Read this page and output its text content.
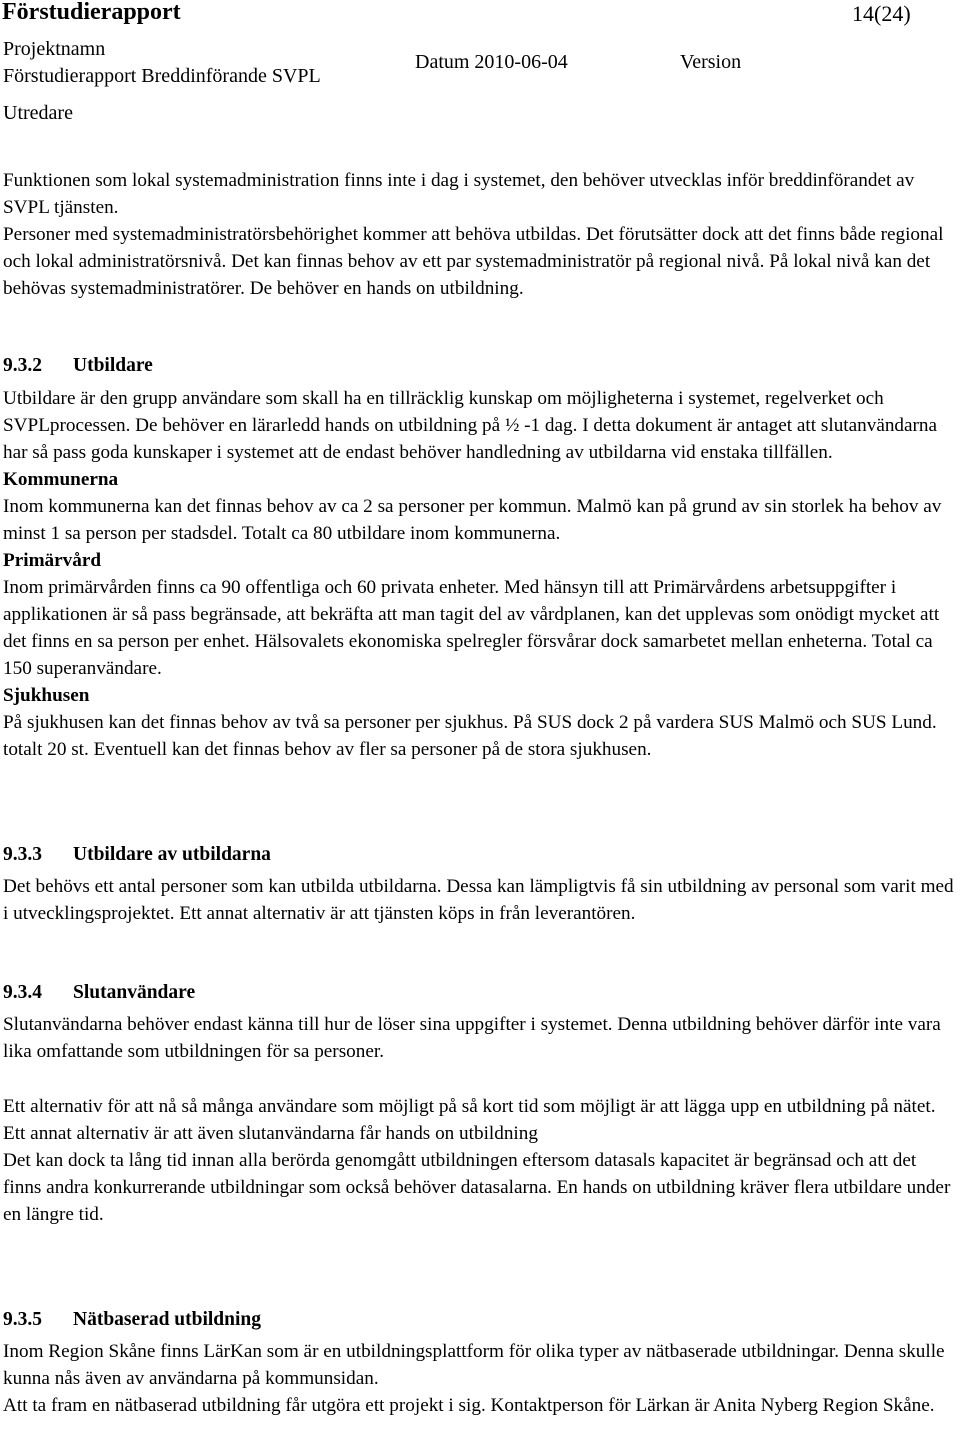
Förstudierapport	14(24)
Projektnamn
Förstudierapport Breddinförande SVPL
Datum 2010-06-04	Version
Utredare

Funktionen som lokal systemadministration finns inte i dag i systemet, den behöver utvecklas inför breddinförandet av SVPL tjänsten.

Personer med systemadministratörsbehörighet kommer att behöva utbildas. Det förutsätter dock att det finns både regional och lokal administratörsnivå. Det kan finnas behov av ett par systemadministratör på regional nivå. På lokal nivå kan det behövas systemadministratörer. De behöver en hands on utbildning.

9.3.2 Utbildare

Utbildare är den grupp användare som skall ha en tillräcklig kunskap om möjligheterna i systemet, regelverket och SVPLprocessen. De behöver en lärarledd hands on utbildning på ½ -1 dag. I detta dokument är antaget att slutanvändarna har så pass goda kunskaper i systemet att de endast behöver handledning av utbildarna vid enstaka tillfällen.

Kommunerna

Inom kommunerna kan det finnas behov av ca 2 sa personer per kommun. Malmö kan på grund av sin storlek ha behov av minst 1 sa person per stadsdel. Totalt ca 80 utbildare inom kommunerna.

Primärvård

Inom primärvården finns ca 90 offentliga och 60 privata enheter. Med hänsyn till att Primärvårdens arbetsuppgifter i applikationen är så pass begränsade, att bekräfta att man tagit del av vårdplanen, kan det upplevas som onödigt mycket att det finns en sa person per enhet. Hälsovalets ekonomiska spelregler försvårar dock samarbetet mellan enheterna. Total ca 150 superanvändare.

Sjukhusen

På sjukhusen kan det finnas behov av två sa personer per sjukhus. På SUS dock 2 på vardera SUS Malmö och SUS Lund. totalt 20 st. Eventuell kan det finnas behov av fler sa personer på de stora sjukhusen.

9.3.3 Utbildare av utbildarna

Det behövs ett antal personer som kan utbilda utbildarna. Dessa kan lämpligtvis få sin utbildning av personal som varit med i utvecklingsprojektet. Ett annat alternativ är att tjänsten köps in från leverantören.

9.3.4 Slutanvändare

Slutanvändarna behöver endast känna till hur de löser sina uppgifter i systemet. Denna utbildning behöver därför inte vara lika omfattande som utbildningen för sa personer.

Ett alternativ för att nå så många användare som möjligt på så kort tid som möjligt är att lägga upp en utbildning på nätet.

Ett annat alternativ är att även slutanvändarna får hands on utbildning

Det kan dock ta lång tid innan alla berörda genomgått utbildningen eftersom datasals kapacitet är begränsad och att det finns andra konkurrerande utbildningar som också behöver datasalarna. En hands on utbildning kräver flera utbildare under en längre tid.

9.3.5 Nätbaserad utbildning

Inom Region Skåne finns LärKan som är en utbildningsplattform för olika typer av nätbaserade utbildningar. Denna skulle kunna nås även av användarna på kommunsidan.

Att ta fram en nätbaserad utbildning får utgöra ett projekt i sig. Kontaktperson för Lärkan är Anita Nyberg Region Skåne.
